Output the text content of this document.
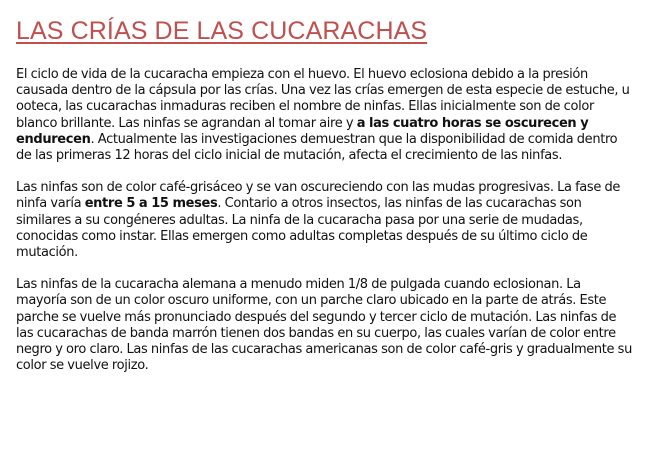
LAS CRÍAS DE LAS CUCARACHAS

El ciclo de vida de la cucaracha empieza con el huevo. El huevo eclosiona debido a la presión causada dentro de la cápsula por las crías. Una vez las crías emergen de esta especie de estuche, u ooteca, las cucarachas inmaduras reciben el nombre de ninfas. Ellas inicialmente son de color blanco brillante. Las ninfas se agrandan al tomar aire y a las cuatro horas se oscurecen y endurecen. Actualmente las investigaciones demuestran que la disponibilidad de comida dentro de las primeras 12 horas del ciclo inicial de mutación, afecta el crecimiento de las ninfas.

Las ninfas son de color café-grisáceo y se van oscureciendo con las mudas progresivas. La fase de ninfa varía entre 5 a 15 meses. Contario a otros insectos, las ninfas de las cucarachas son similares a su congéneres adultas. La ninfa de la cucaracha pasa por una serie de mudadas, conocidas como instar. Ellas emergen como adultas completas después de su último ciclo de mutación.

Las ninfas de la cucaracha alemana a menudo miden 1/8 de pulgada cuando eclosionan. La mayoría son de un color oscuro uniforme, con un parche claro ubicado en la parte de atrás. Este parche se vuelve más pronunciado después del segundo y tercer ciclo de mutación. Las ninfas de las cucarachas de banda marrón tienen dos bandas en su cuerpo, las cuales varían de color entre negro y oro claro. Las ninfas de las cucarachas americanas son de color café-gris y gradualmente su color se vuelve rojizo.
